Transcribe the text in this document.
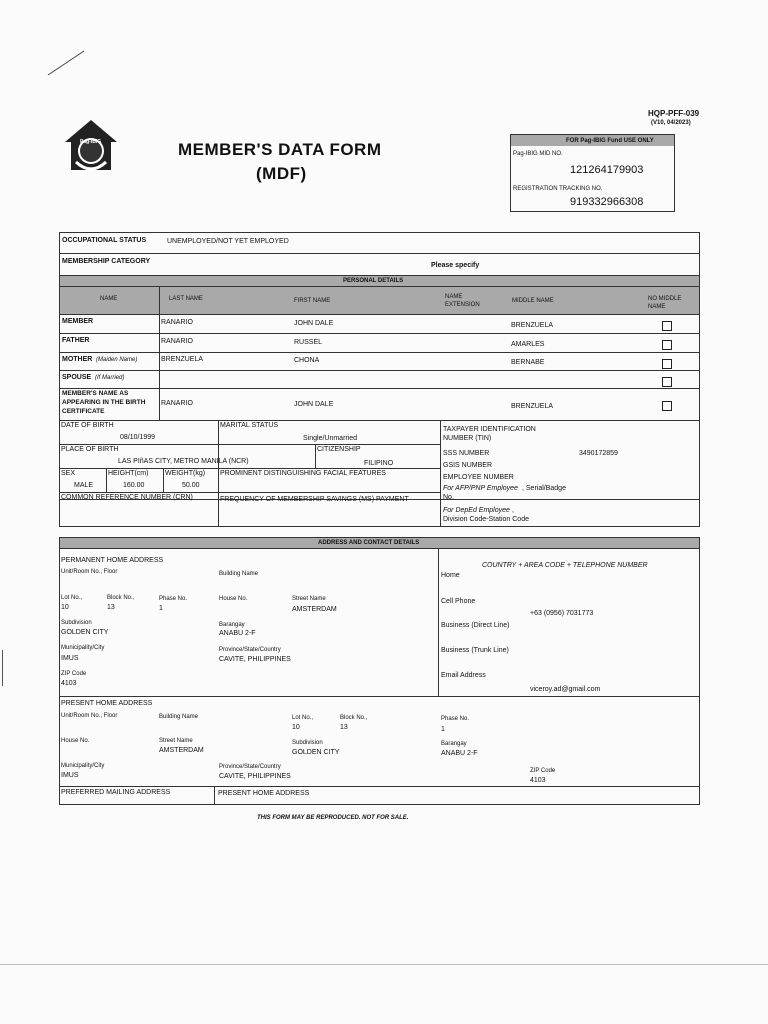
Pag-IBIG
HQP-PFF-039
(V10, 04/2023)
MEMBER'S DATA FORM
(MDF)
FOR Pag-IBIG Fund USE ONLY
Pag-IBIG MID NO.
121264179903
REGISTRATION TRACKING NO.
919332966308
OCCUPATIONAL STATUS	UNEMPLOYED/NOT YET EMPLOYED
MEMBERSHIP CATEGORY
Please specify
PERSONAL DETAILS
NAME	LAST NAME	FIRST NAME
NAME
EXTENSION
MIDDLE NAME	NO MIDDLE
NAME
MEMBER	RANARIO	JOHN DALE	BRENZUELA
FATHER	RANARIO	RUSSEL	AMARLES
MOTHER (Maiden Name)	BRENZUELA	CHONA	BERNABE
SPOUSE (If Married)
MEMBER'S NAME AS
APPEARING IN THE BIRTH
CERTIFICATE
RANARIO	JOHN DALE	BRENZUELA
DATE OF BIRTH
08/10/1999
MARITAL STATUS
Single/Unmarried
TAXPAYER IDENTIFICATION
NUMBER (TIN)
PLACE OF BIRTH
LAS PIñAS CITY, METRO MANILA (NCR)
CITIZENSHIP
FILIPINO
SSS NUMBER	3490172859
GSIS NUMBER
SEX
MALE
HEIGHT(cm)
160.00
WEIGHT(kg)
50.00
PROMINENT DISTINGUISHING FACIAL FEATURES
EMPLOYEE NUMBER
For AFP/PNP Employee , Serial/Badge
No.
For DepEd Employee ,
Division Code-Station Code
COMMON REFERENCE NUMBER (CRN)	FREQUENCY OF MEMBERSHIP SAVINGS (MS) PAYMENT
ADDRESS AND CONTACT DETAILS
COUNTRY + AREA CODE + TELEPHONE NUMBER
PERMANENT HOME ADDRESS
Unit/Room No., Floor	Building Name
Lot No.,
10
Block No.,
13
Phase No.
1
House No.	Street Name
AMSTERDAM
Subdivision
GOLDEN CITY
Barangay
ANABU 2-F
Municipality/City
IMUS
Province/State/Country
CAVITE, PHILIPPINES
ZIP Code
4103
Home
Cell Phone
+63 (0956) 7031773
Business (Direct Line)
Business (Trunk Line)
Email Address
viceroy.ad@gmail.com
PRESENT HOME ADDRESS
Unit/Room No., Floor	Building Name	Lot No.,
10
Block No.,
13
Phase No.
1
House No.	Street Name
AMSTERDAM
Subdivision
GOLDEN CITY
Barangay
ANABU 2-F
Municipality/City
IMUS
Province/State/Country
CAVITE, PHILIPPINES
ZIP Code
4103
PREFERRED MAILING ADDRESS	PRESENT HOME ADDRESS
THIS FORM MAY BE REPRODUCED. NOT FOR SALE.
